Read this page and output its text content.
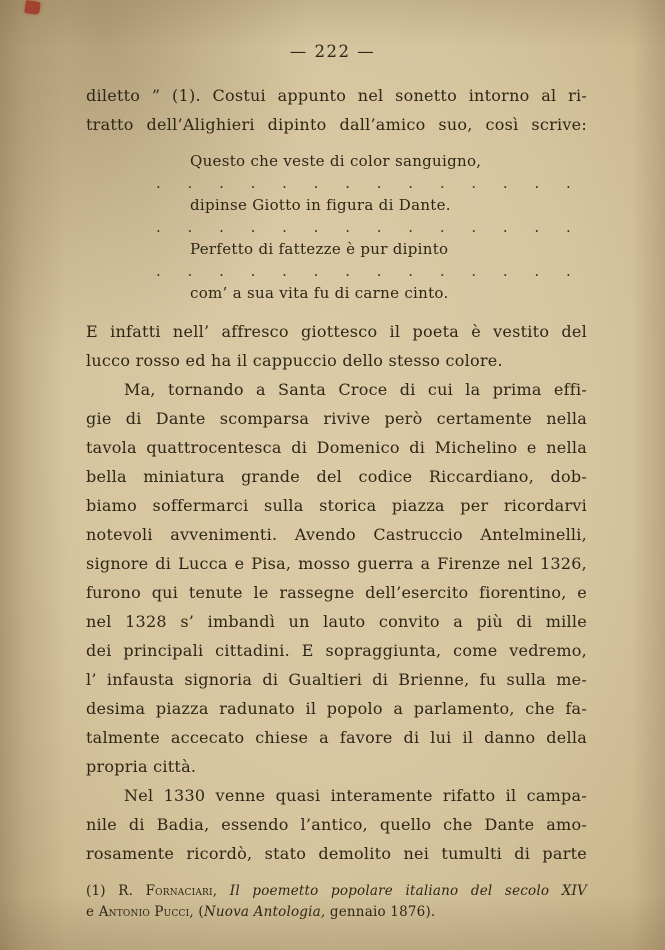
— 222 —
diletto ” (1). Costui appunto nel sonetto intorno al ri-
tratto dell’Alighieri dipinto dall’amico suo, così scrive:
Questo che veste di color sanguigno,
. . . . . . . . . . . . . .
dipinse Giotto in figura di Dante.
. . . . . . . . . . . . . .
Perfetto di fattezze è pur dipinto
. . . . . . . . . . . . . .
com’ a sua vita fu di carne cinto.
E infatti nell’ affresco giottesco il poeta è vestito del
lucco rosso ed ha il cappuccio dello stesso colore.
Ma, tornando a Santa Croce di cui la prima effi-
gie di Dante scomparsa rivive però certamente nella
tavola quattrocentesca di Domenico di Michelino e nella
bella miniatura grande del codice Riccardiano, dob-
biamo soffermarci sulla storica piazza per ricordarvi
notevoli avvenimenti. Avendo Castruccio Antelminelli,
signore di Lucca e Pisa, mosso guerra a Firenze nel 1326,
furono qui tenute le rassegne dell’esercito fiorentino, e
nel 1328 s’ imbandì un lauto convito a più di mille
dei principali cittadini. E sopraggiunta, come vedremo,
l’ infausta signoria di Gualtieri di Brienne, fu sulla me-
desima piazza radunato il popolo a parlamento, che fa-
talmente accecato chiese a favore di lui il danno della
propria città.
Nel 1330 venne quasi interamente rifatto il campa-
nile di Badia, essendo l’antico, quello che Dante amo-
rosamente ricordò, stato demolito nei tumulti di parte
(1) R. Fornaciari, Il poemetto popolare italiano del secolo XIV
e Antonio Pucci, (Nuova Antologia, gennaio 1876).
